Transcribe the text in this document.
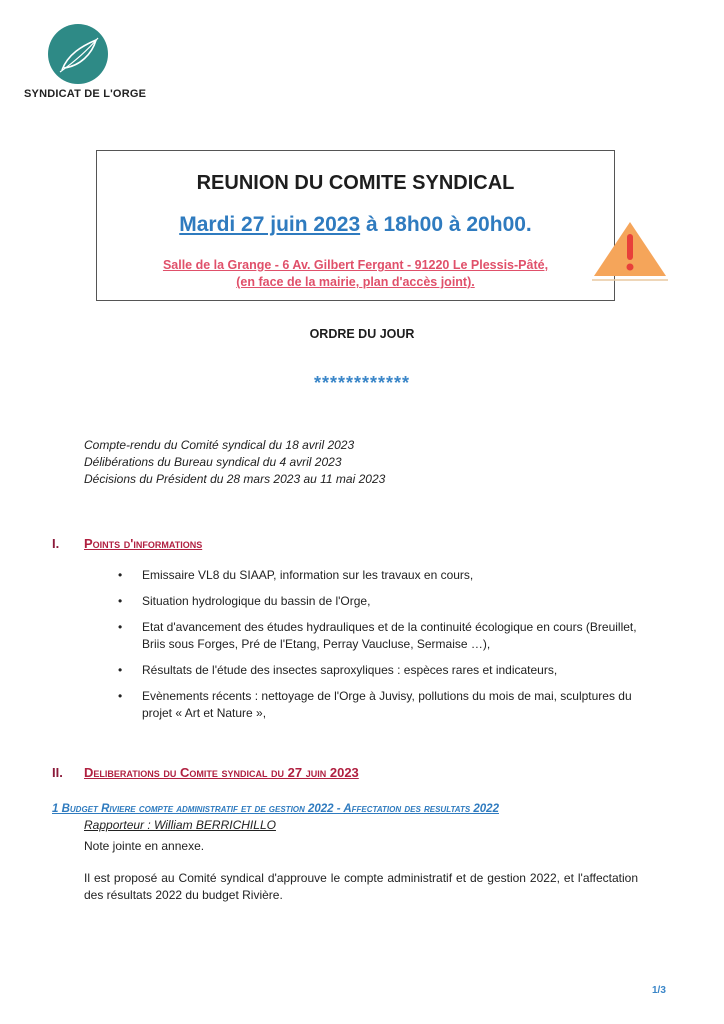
SYNDICAT DE L'ORGE
REUNION DU COMITE SYNDICAL
Mardi 27 juin 2023 à 18h00 à 20h00.
Salle de la Grange - 6 Av. Gilbert Fergant - 91220 Le Plessis-Pâté,
(en face de la mairie, plan d'accès joint).
ORDRE DU JOUR
************
Compte-rendu du Comité syndical du 18 avril 2023
Délibérations du Bureau syndical du 4 avril 2023
Décisions du Président du 28 mars 2023 au 11 mai 2023
I. Points d'informations
• Emissaire VL8 du SIAAP, information sur les travaux en cours,
• Situation hydrologique du bassin de l'Orge,
• Etat d'avancement des études hydrauliques et de la continuité écologique en cours (Breuillet, Briis sous Forges, Pré de l'Etang, Perray Vaucluse, Sermaise …),
• Résultats de l'étude des insectes saproxyliques : espèces rares et indicateurs,
• Evènements récents : nettoyage de l'Orge à Juvisy, pollutions du mois de mai, sculptures du projet « Art et Nature »,
II. Deliberations du Comite syndical du 27 juin 2023
1 Budget Riviere compte administratif et de gestion 2022 - Affectation des resultats 2022
Rapporteur : William BERRICHILLO
Note jointe en annexe.
Il est proposé au Comité syndical d'approuve le compte administratif et de gestion 2022, et l'affectation des résultats 2022 du budget Rivière.
1/3
